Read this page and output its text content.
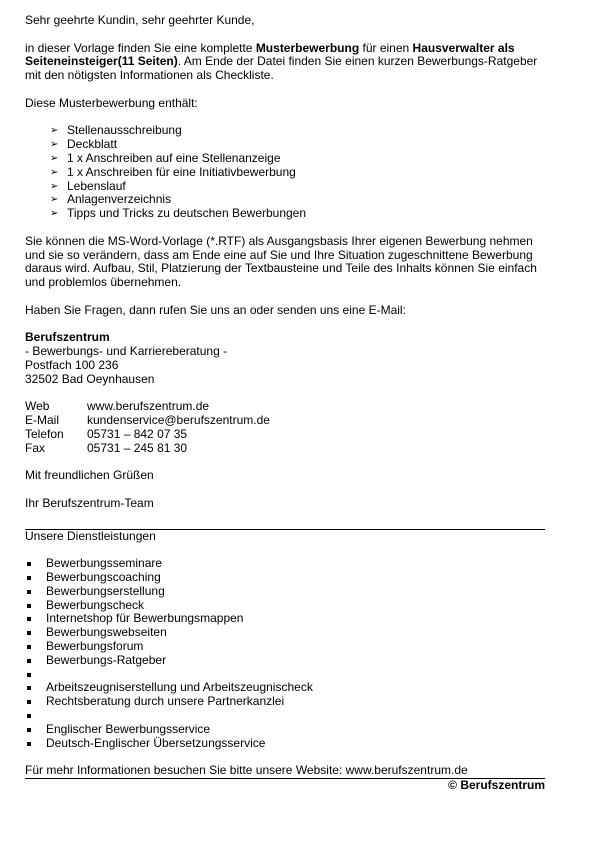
Sehr geehrte Kundin, sehr geehrter Kunde,

in dieser Vorlage finden Sie eine komplette Musterbewerbung für einen Hausverwalter als Seiteneinsteiger(11 Seiten). Am Ende der Datei finden Sie einen kurzen Bewerbungs-Ratgeber mit den nötigsten Informationen als Checkliste.

Diese Musterbewerbung enthält:

➢ Stellenausschreibung
➢ Deckblatt
➢ 1 x Anschreiben auf eine Stellenanzeige
➢ 1 x Anschreiben für eine Initiativbewerbung
➢ Lebenslauf
➢ Anlagenverzeichnis
➢ Tipps und Tricks zu deutschen Bewerbungen

Sie können die MS-Word-Vorlage (*.RTF) als Ausgangsbasis Ihrer eigenen Bewerbung nehmen und sie so verändern, dass am Ende eine auf Sie und Ihre Situation zugeschnittene Bewerbung daraus wird. Aufbau, Stil, Platzierung der Textbausteine und Teile des Inhalts können Sie einfach und problemlos übernehmen.

Haben Sie Fragen, dann rufen Sie uns an oder senden uns eine E-Mail:

Berufszentrum

- Bewerbungs- und Karriereberatung -

Postfach 100 236

32502 Bad Oeynhausen

Web	www.berufszentrum.de
E-Mail	kundenservice@berufszentrum.de
Telefon	05731 – 842 07 35
Fax	05731 – 245 81 30

Mit freundlichen Grüßen

Ihr Berufszentrum-Team

Unsere Dienstleistungen

Bewerbungsseminare
Bewerbungscoaching
Bewerbungserstellung
Bewerbungscheck
Internetshop für Bewerbungsmappen
Bewerbungswebseiten
Bewerbungsforum
Bewerbungs-Ratgeber
Arbeitszeugniserstellung und Arbeitszeugnischeck
Rechtsberatung durch unsere Partnerkanzlei
Englischer Bewerbungsservice
Deutsch-Englischer Übersetzungsservice

Für mehr Informationen besuchen Sie bitte unsere Website: www.berufszentrum.de

© Berufszentrum
